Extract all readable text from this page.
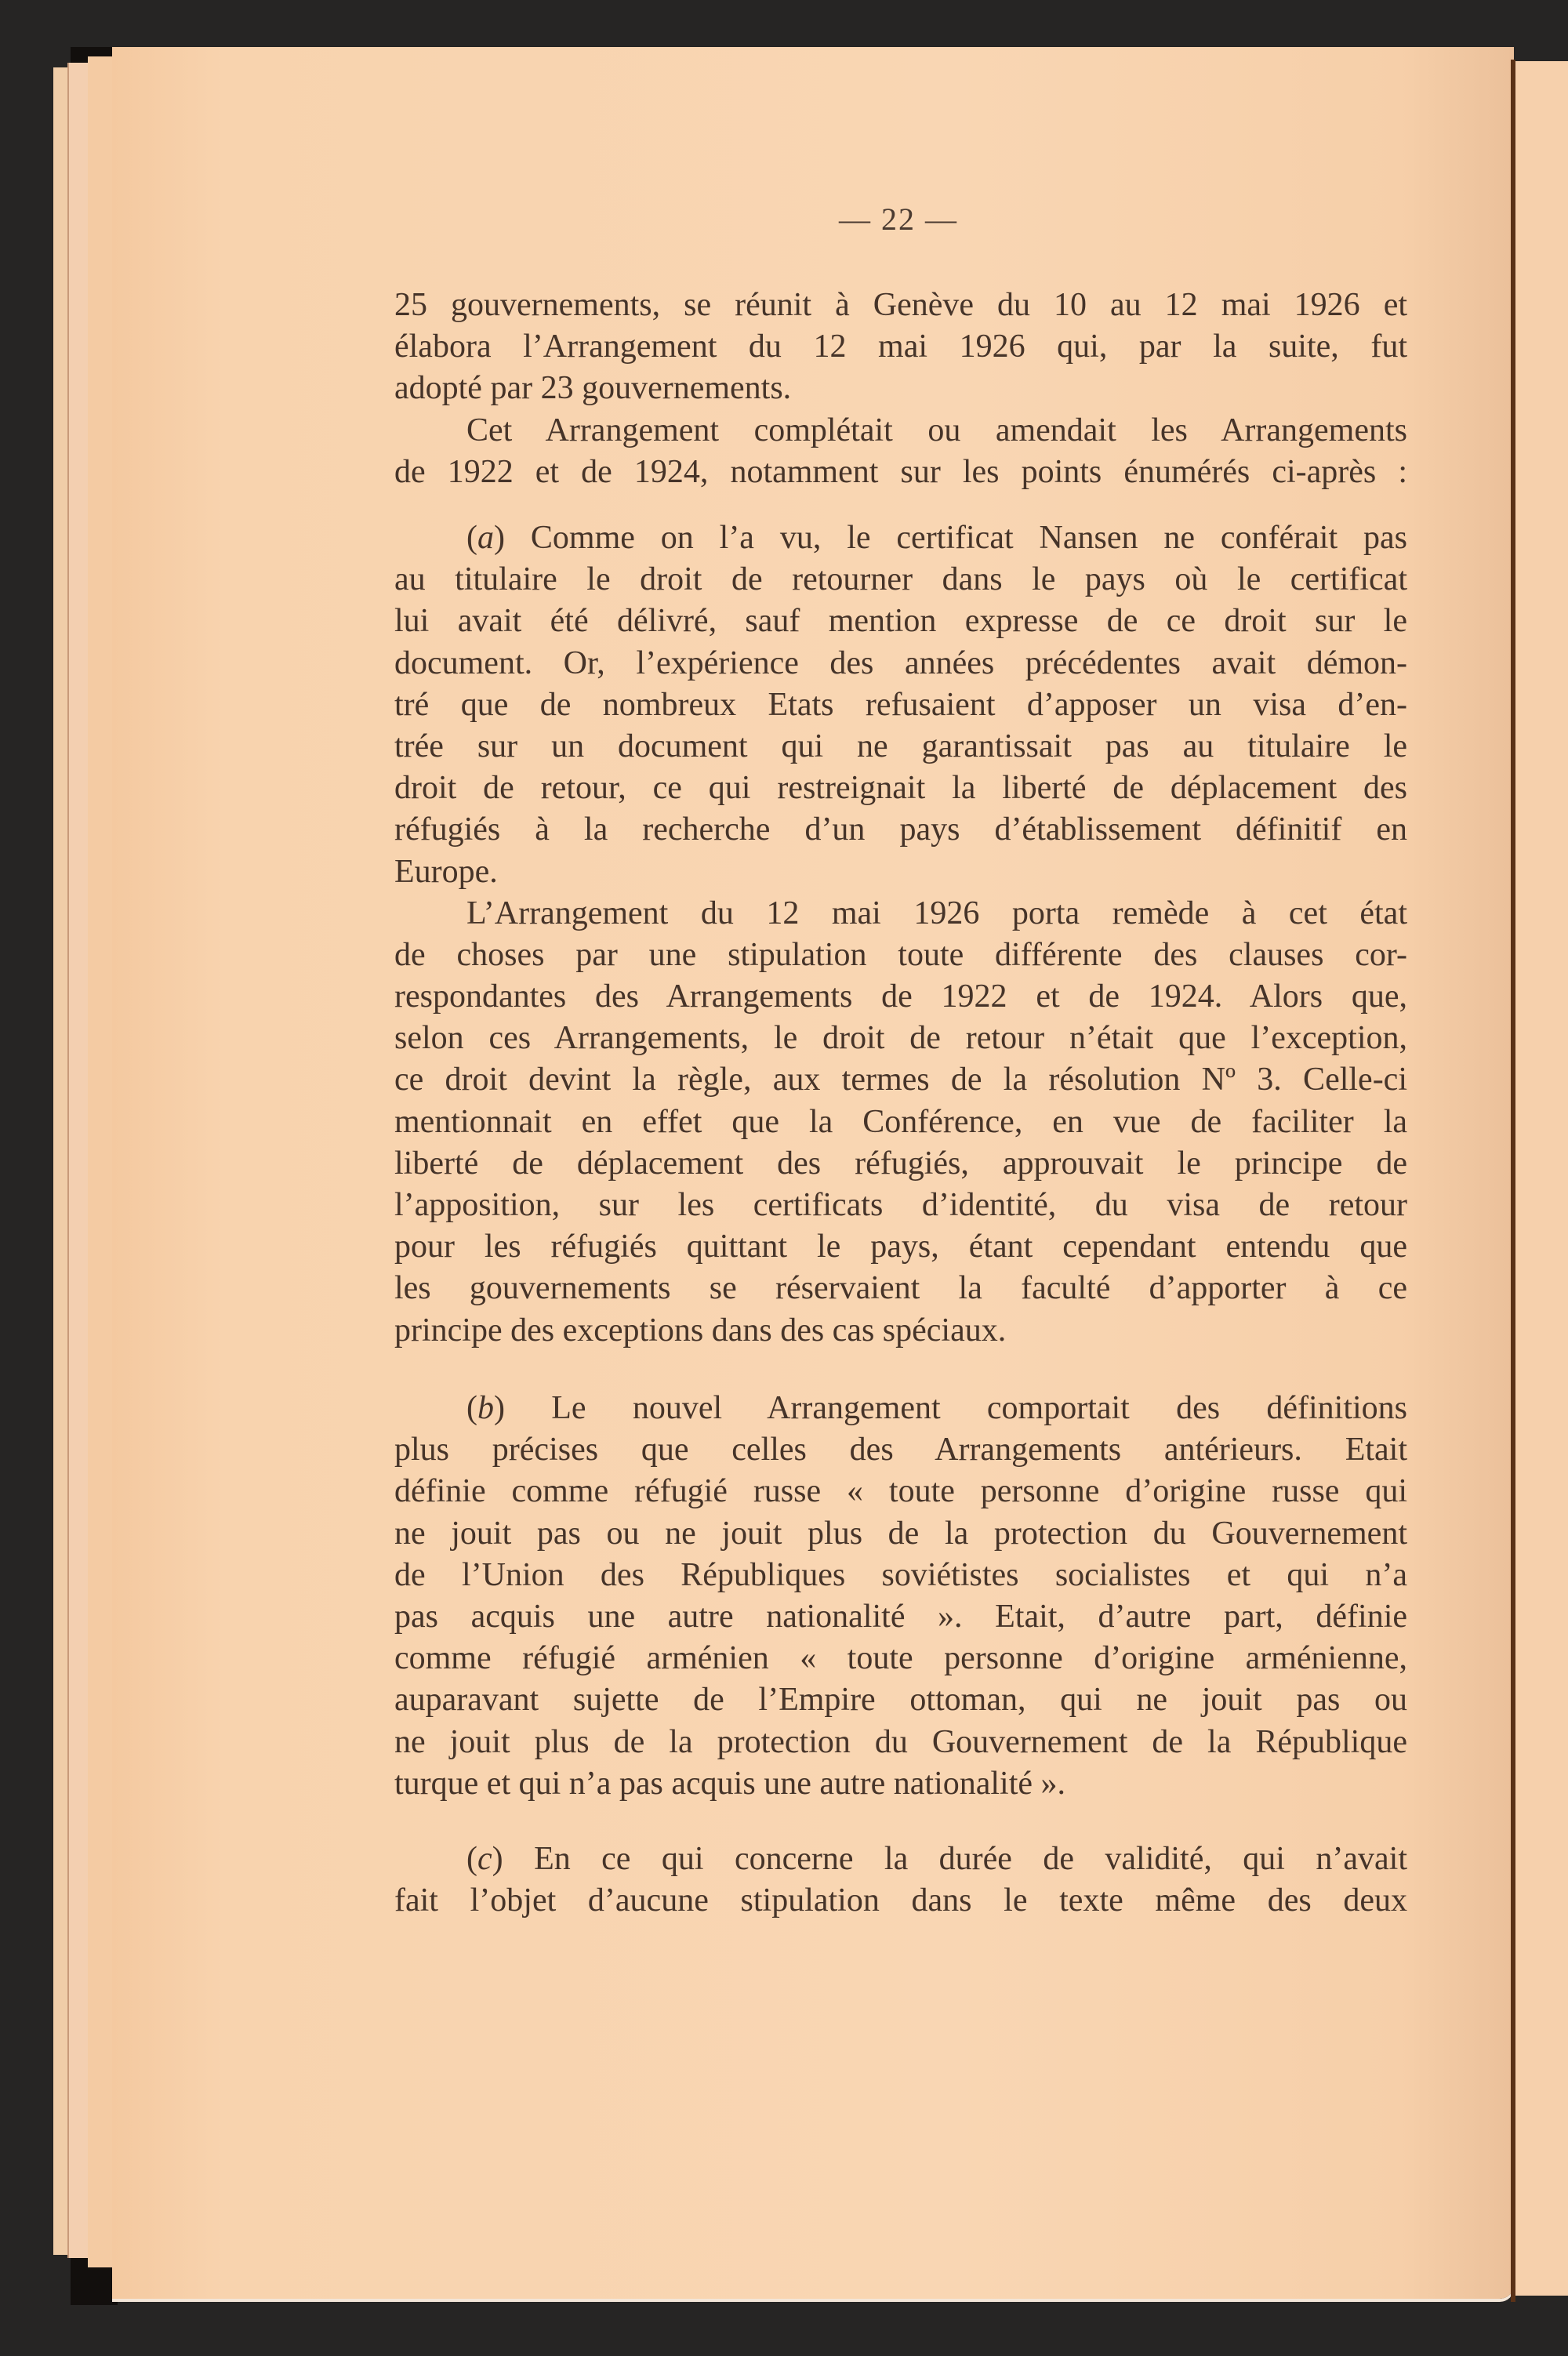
— 22 —
25 gouvernements, se réunit à Genève du 10 au 12 mai 1926 et
élabora l’Arrangement du 12 mai 1926 qui, par la suite, fut
adopté par 23 gouvernements.
Cet Arrangement complétait ou amendait les Arrangements
de 1922 et de 1924, notamment sur les points énumérés ci-après :
(a) Comme on l’a vu, le certificat Nansen ne conférait pas
au titulaire le droit de retourner dans le pays où le certificat
lui avait été délivré, sauf mention expresse de ce droit sur le
document. Or, l’expérience des années précédentes avait démon-
tré que de nombreux Etats refusaient d’apposer un visa d’en-
trée sur un document qui ne garantissait pas au titulaire le
droit de retour, ce qui restreignait la liberté de déplacement des
réfugiés à la recherche d’un pays d’établissement définitif en
Europe.
L’Arrangement du 12 mai 1926 porta remède à cet état
de choses par une stipulation toute différente des clauses cor-
respondantes des Arrangements de 1922 et de 1924. Alors que,
selon ces Arrangements, le droit de retour n’était que l’exception,
ce droit devint la règle, aux termes de la résolution Nº 3. Celle-ci
mentionnait en effet que la Conférence, en vue de faciliter la
liberté de déplacement des réfugiés, approuvait le principe de
l’apposition, sur les certificats d’identité, du visa de retour
pour les réfugiés quittant le pays, étant cependant entendu que
les gouvernements se réservaient la faculté d’apporter à ce
principe des exceptions dans des cas spéciaux.
(b) Le nouvel Arrangement comportait des définitions
plus précises que celles des Arrangements antérieurs. Etait
définie comme réfugié russe « toute personne d’origine russe qui
ne jouit pas ou ne jouit plus de la protection du Gouvernement
de l’Union des Républiques soviétistes socialistes et qui n’a
pas acquis une autre nationalité ». Etait, d’autre part, définie
comme réfugié arménien « toute personne d’origine arménienne,
auparavant sujette de l’Empire ottoman, qui ne jouit pas ou
ne jouit plus de la protection du Gouvernement de la République
turque et qui n’a pas acquis une autre nationalité ».
(c) En ce qui concerne la durée de validité, qui n’avait
fait l’objet d’aucune stipulation dans le texte même des deux
